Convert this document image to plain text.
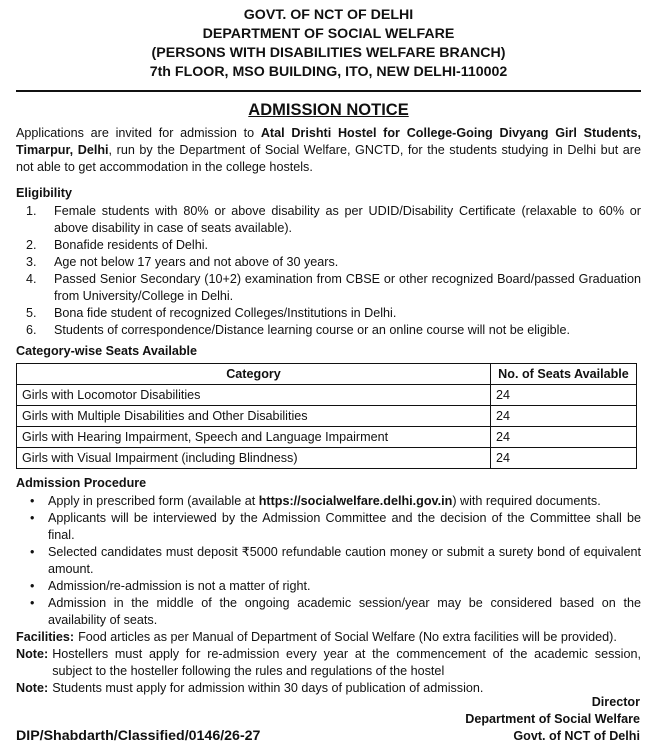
GOVT. OF NCT OF DELHI
DEPARTMENT OF SOCIAL WELFARE
(PERSONS WITH DISABILITIES WELFARE BRANCH)
7th FLOOR, MSO BUILDING, ITO, NEW DELHI-110002
ADMISSION NOTICE

Applications are invited for admission to Atal Drishti Hostel for College-Going Divyang Girl Students, Timarpur, Delhi, run by the Department of Social Welfare, GNCTD, for the students studying in Delhi but are not able to get accommodation in the college hostels.

Eligibility
1. Female students with 80% or above disability as per UDID/Disability Certificate (relaxable to 60% or above disability in case of seats available).
2. Bonafide residents of Delhi.
3. Age not below 17 years and not above of 30 years.
4. Passed Senior Secondary (10+2) examination from CBSE or other recognized Board/passed Graduation from University/College in Delhi.
5. Bona fide student of recognized Colleges/Institutions in Delhi.
6. Students of correspondence/Distance learning course or an online course will not be eligible.
Category-wise Seats Available
Category	No. of Seats Available
Girls with Locomotor Disabilities	24
Girls with Multiple Disabilities and Other Disabilities	24
Girls with Hearing Impairment, Speech and Language Impairment	24
Girls with Visual Impairment (including Blindness)	24
Admission Procedure
• Apply in prescribed form (available at https://socialwelfare.delhi.gov.in) with required documents.
• Applicants will be interviewed by the Admission Committee and the decision of the Committee shall be final.
• Selected candidates must deposit ₹5000 refundable caution money or submit a surety bond of equivalent amount.
• Admission/re-admission is not a matter of right.
• Admission in the middle of the ongoing academic session/year may be considered based on the availability of seats.
Facilities: Food articles as per Manual of Department of Social Welfare (No extra facilities will be provided).
Note: Hostellers must apply for re-admission every year at the commencement of the academic session, subject to the hosteller following the rules and regulations of the hostel
Note: Students must apply for admission within 30 days of publication of admission.
Director
Department of Social Welfare
Govt. of NCT of Delhi
DIP/Shabdarth/Classified/0146/26-27
